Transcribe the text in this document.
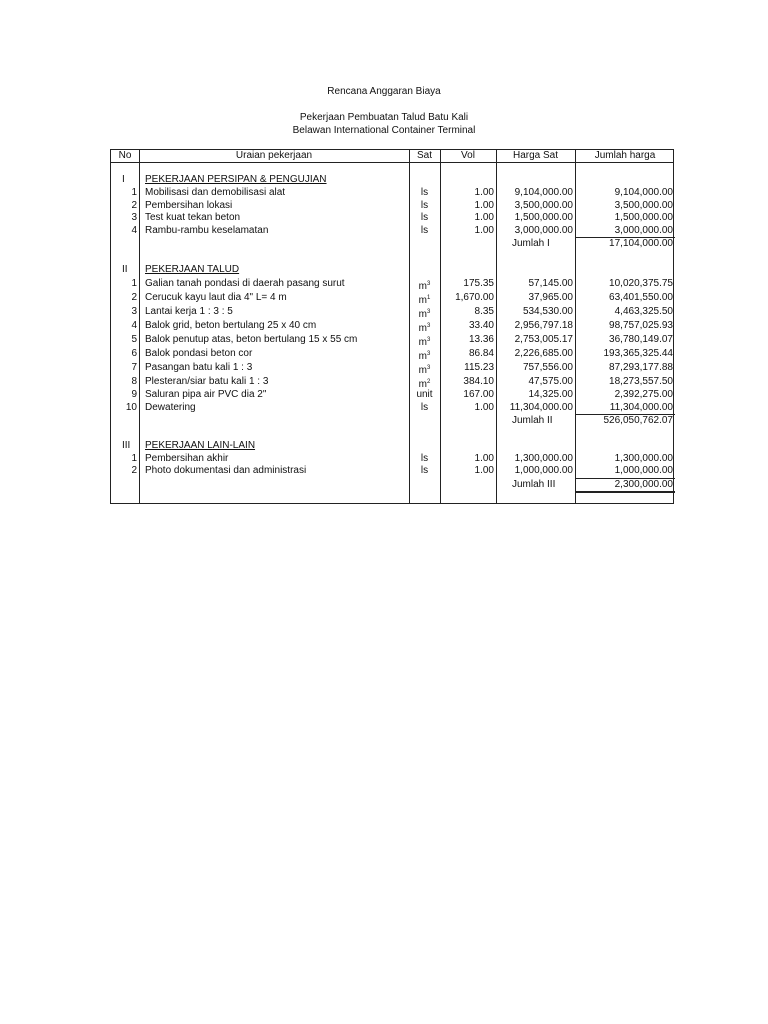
Rencana Anggaran Biaya
Pekerjaan Pembuatan Talud Batu Kali
Belawan International Container Terminal
No	Uraian pekerjaan	Sat	Vol	Harga Sat	Jumlah harga
I PEKERJAAN PERSIPAN & PENGUJIAN
1 Mobilisasi dan demobilisasi alat	ls	1.00	9,104,000.00	9,104,000.00
2 Pembersihan lokasi	ls	1.00	3,500,000.00	3,500,000.00
3 Test kuat tekan beton	ls	1.00	1,500,000.00	1,500,000.00
4 Rambu-rambu keselamatan	ls	1.00	3,000,000.00	3,000,000.00
Jumlah I	17,104,000.00
II PEKERJAAN TALUD
1 Galian tanah pondasi di daerah pasang surut	$m^3$	175.35	57,145.00	10,020,375.75
2 Cerucuk kayu laut dia 4" L= 4 m	$m^1$	1,670.00	37,965.00	63,401,550.00
3 Lantai kerja 1 : 3 : 5	$m^3$	8.35	534,530.00	4,463,325.50
4 Balok grid, beton bertulang 25 x 40 cm	$m^3$	33.40	2,956,797.18	98,757,025.93
5 Balok penutup atas, beton bertulang 15 x 55 cm	$m^3$	13.36	2,753,005.17	36,780,149.07
6 Balok pondasi beton cor	$m^3$	86.84	2,226,685.00	193,365,325.44
7 Pasangan batu kali 1 : 3	$m^3$	115.23	757,556.00	87,293,177.88
8 Plesteran/siar batu kali 1 : 3	$m^2$	384.10	47,575.00	18,273,557.50
9 Saluran pipa air PVC dia 2"	unit	167.00	14,325.00	2,392,275.00
10 Dewatering	ls	1.00	11,304,000.00	11,304,000.00
Jumlah II	526,050,762.07
III PEKERJAAN LAIN-LAIN
1 Pembersihan akhir	ls	1.00	1,300,000.00	1,300,000.00
2 Photo dokumentasi dan administrasi	ls	1.00	1,000,000.00	1,000,000.00
Jumlah III	2,300,000.00
